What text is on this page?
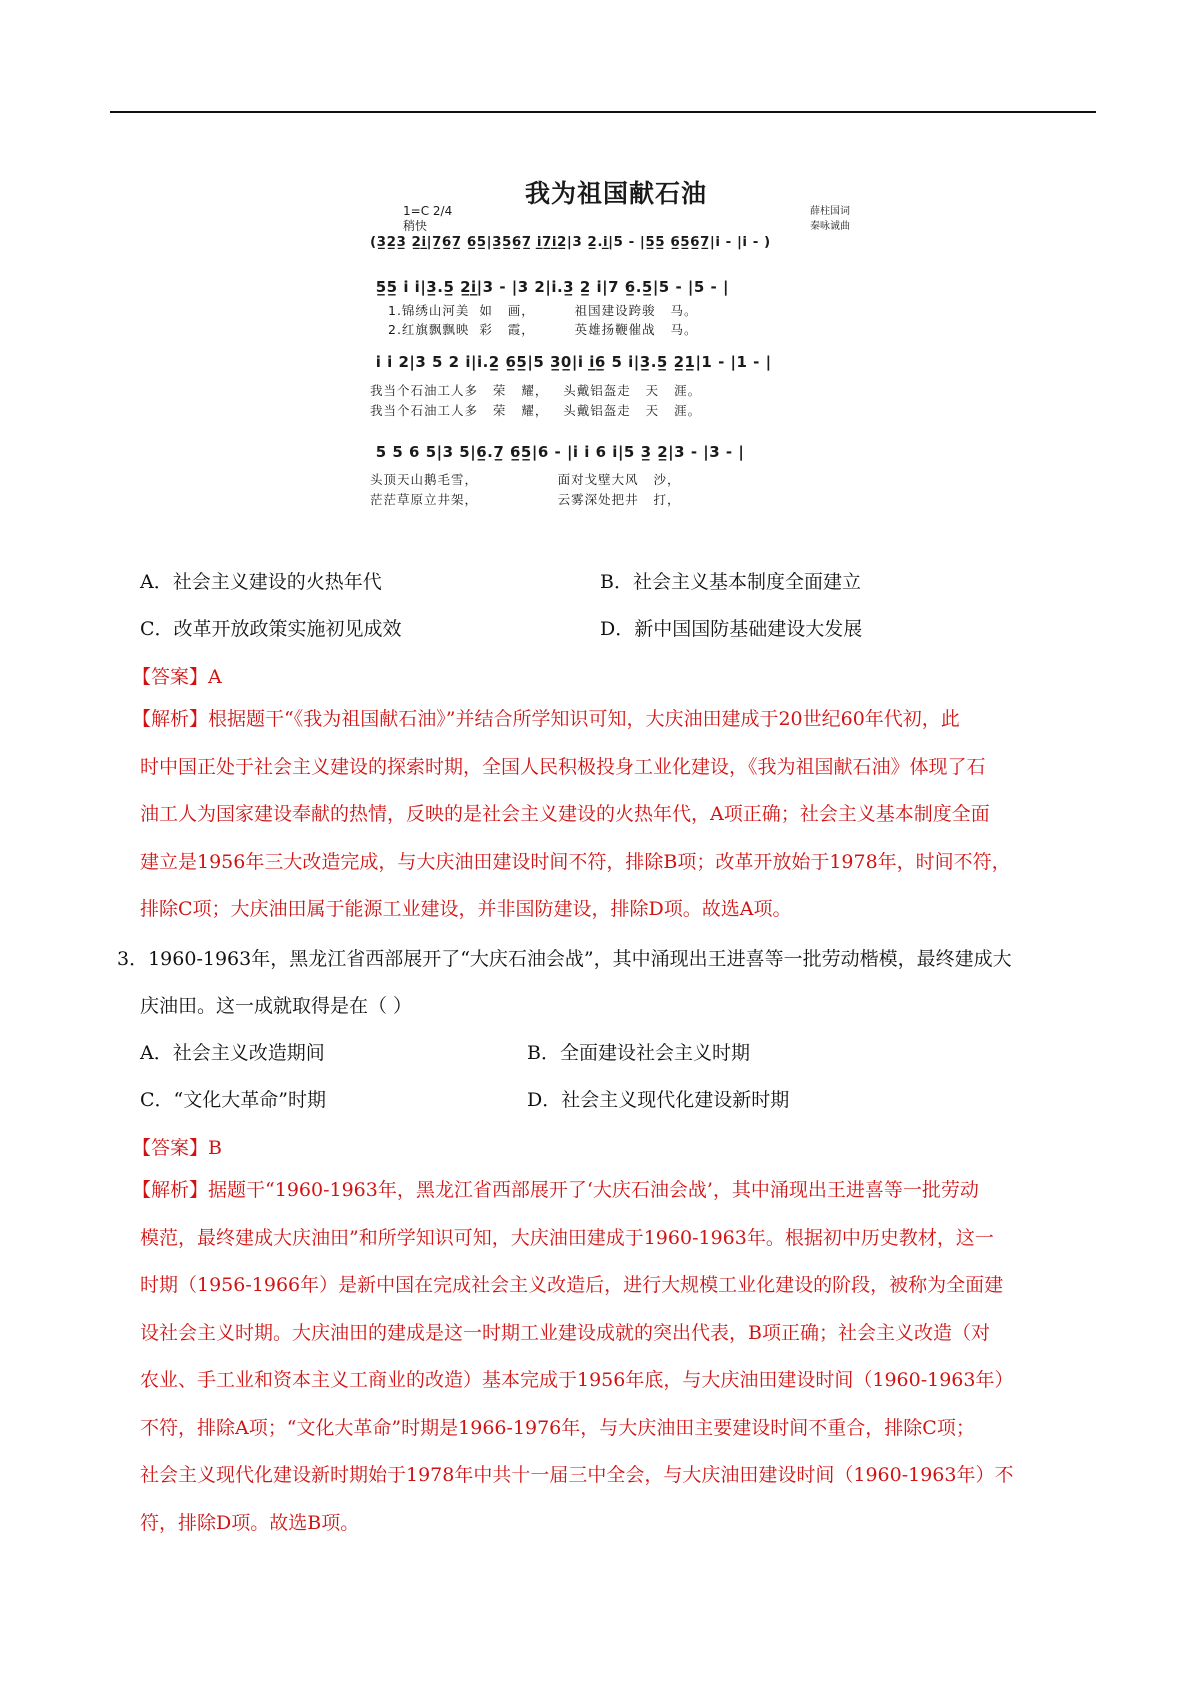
我为祖国献石油
1=C 2/4
稍快
薛柱国词
秦咏诚曲
(3̲2̲3̲ 2̲i̲|7̲6̲7̲ 6̲5̲|3̲5̲6̲7̲ i̲7̲i̲2̲|3 2̲.i̲|5 - |5̲5̲ 6̲5̲6̲7̲|i - |i - )
5̲5̲ i i|3̲.5̲ 2̲i̲|3 - |3 2|i.3̲ 2̲ i|7 6̲.5̲|5 - |5 - |
1.锦绣山河美  如   画，        祖国建设跨骏   马。
2.红旗飘飘映  彩   霞，        英雄扬鞭催战   马。
i i 2|3 5 2 i|i.2̲ 6̲5̲|5 3̲0̲|i i̲6̲ 5 i|3̲.5̲ 2̲1̲|1 - |1 - |
我当个石油工人多   荣   耀，   头戴铝盔走   天   涯。
我当个石油工人多   荣   耀，   头戴铝盔走   天   涯。
5 5 6 5|3 5|6̲.7̲ 6̲5̲|6 - |i i 6 i|5 3̲ 2̲|3 - |3 - |
头顶天山鹅毛雪，                面对戈壁大风   沙，
茫茫草原立井架，                云雾深处把井   打，
A．社会主义建设的火热年代	B．社会主义基本制度全面建立
C．改革开放政策实施初见成效	D．新中国国防基础建设大发展
【答案】A
【解析】根据题干“《我为祖国献石油》”并结合所学知识可知，大庆油田建成于20世纪60年代初，此
时中国正处于社会主义建设的探索时期，全国人民积极投身工业化建设，《我为祖国献石油》体现了石
油工人为国家建设奉献的热情，反映的是社会主义建设的火热年代，A项正确；社会主义基本制度全面
建立是1956年三大改造完成，与大庆油田建设时间不符，排除B项；改革开放始于1978年，时间不符，
排除C项；大庆油田属于能源工业建设，并非国防建设，排除D项。故选A项。
3．1960-1963年，黑龙江省西部展开了“大庆石油会战”，其中涌现出王进喜等一批劳动楷模，最终建成大
庆油田。这一成就取得是在（ ）
A．社会主义改造期间	B．全面建设社会主义时期
C．“文化大革命”时期	D．社会主义现代化建设新时期
【答案】B
【解析】据题干“1960-1963年，黑龙江省西部展开了‘大庆石油会战’，其中涌现出王进喜等一批劳动
模范，最终建成大庆油田”和所学知识可知，大庆油田建成于1960-1963年。根据初中历史教材，这一
时期（1956-1966年）是新中国在完成社会主义改造后，进行大规模工业化建设的阶段，被称为全面建
设社会主义时期。大庆油田的建成是这一时期工业建设成就的突出代表，B项正确；社会主义改造（对
农业、手工业和资本主义工商业的改造）基本完成于1956年底，与大庆油田建设时间（1960-1963年）
不符，排除A项；“文化大革命”时期是1966-1976年，与大庆油田主要建设时间不重合，排除C项；
社会主义现代化建设新时期始于1978年中共十一届三中全会，与大庆油田建设时间（1960-1963年）不
符，排除D项。故选B项。
